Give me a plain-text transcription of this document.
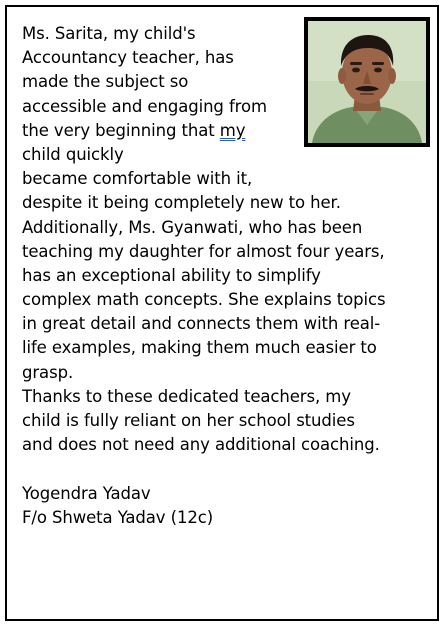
Ms. Sarita, my child's
Accountancy teacher, has
made the subject so
accessible and engaging from
the very beginning that my
child quickly
became comfortable with it,
despite it being completely new to her.
Additionally, Ms. Gyanwati, who has been
teaching my daughter for almost four years,
has an exceptional ability to simplify
complex math concepts. She explains topics
in great detail and connects them with real-
life examples, making them much easier to
grasp.
Thanks to these dedicated teachers, my
child is fully reliant on her school studies
and does not need any additional coaching.
Yogendra Yadav
F/o Shweta Yadav (12c)
